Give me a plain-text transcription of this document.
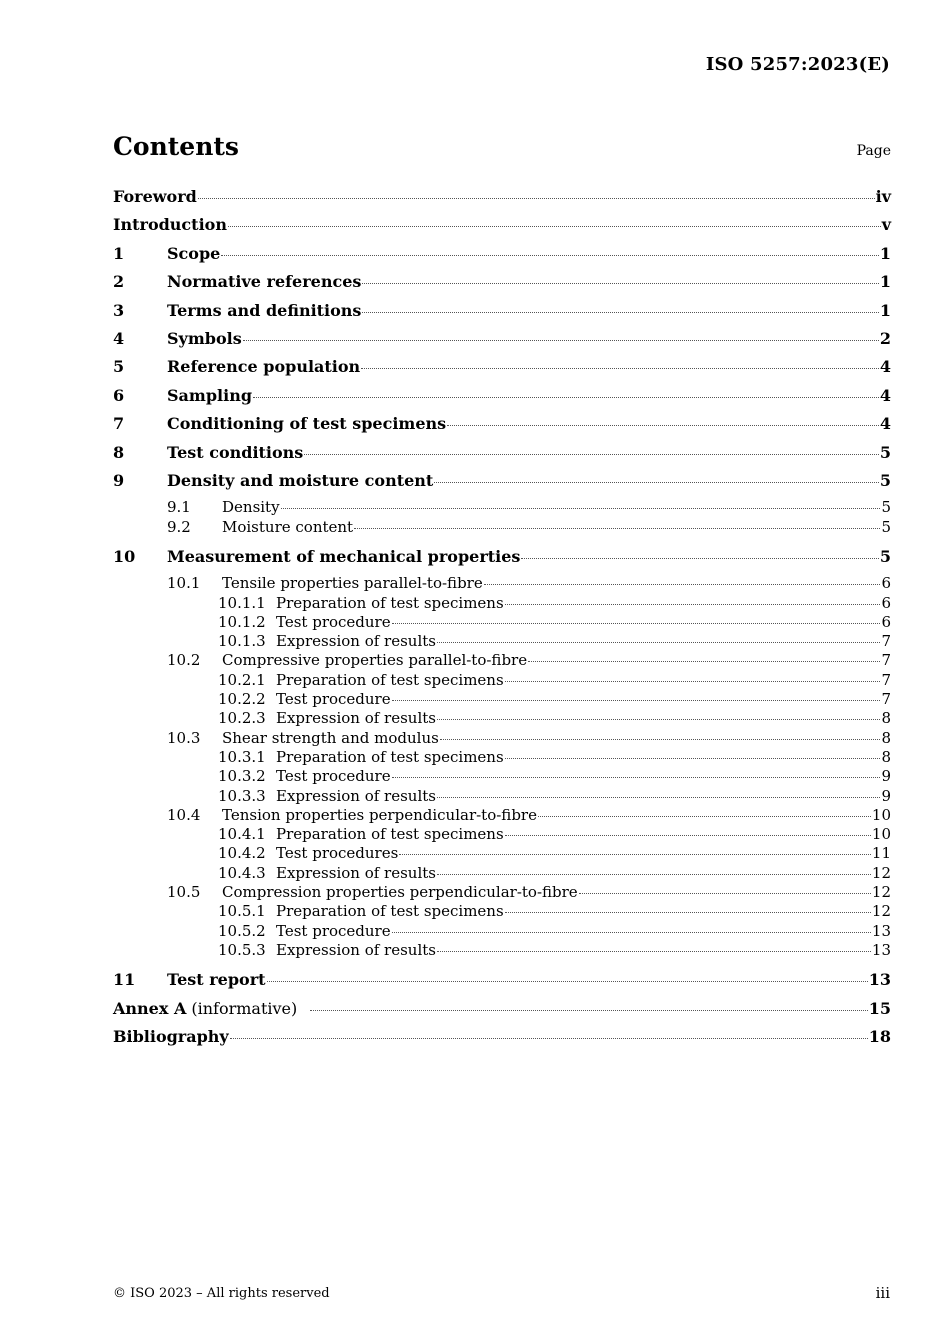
ISO 5257:2023(E)
Contents	Page
Foreword	iv
Introduction	v
1	Scope	1
2	Normative references	1
3	Terms and definitions	1
4	Symbols	2
5	Reference population	4
6	Sampling	4
7	Conditioning of test specimens	4
8	Test conditions	5
9	Density and moisture content	5
9.1	Density	5
9.2	Moisture content	5
10	Measurement of mechanical properties	5
10.1	Tensile properties parallel-to-fibre	6
10.1.1 Preparation of test specimens	6
10.1.2 Test procedure	6
10.1.3 Expression of results	7
10.2	Compressive properties parallel-to-fibre	7
10.2.1 Preparation of test specimens	7
10.2.2 Test procedure	7
10.2.3 Expression of results	8
10.3	Shear strength and modulus	8
10.3.1 Preparation of test specimens	8
10.3.2 Test procedure	9
10.3.3 Expression of results	9
10.4	Tension properties perpendicular-to-fibre	10
10.4.1 Preparation of test specimens	10
10.4.2 Test procedures	11
10.4.3 Expression of results	12
10.5	Compression properties perpendicular-to-fibre	12
10.5.1 Preparation of test specimens	12
10.5.2 Test procedure	13
10.5.3 Expression of results	13
11	Test report	13
Annex A (informative)	15
Bibliography	18
© ISO 2023 – All rights reserved	iii
